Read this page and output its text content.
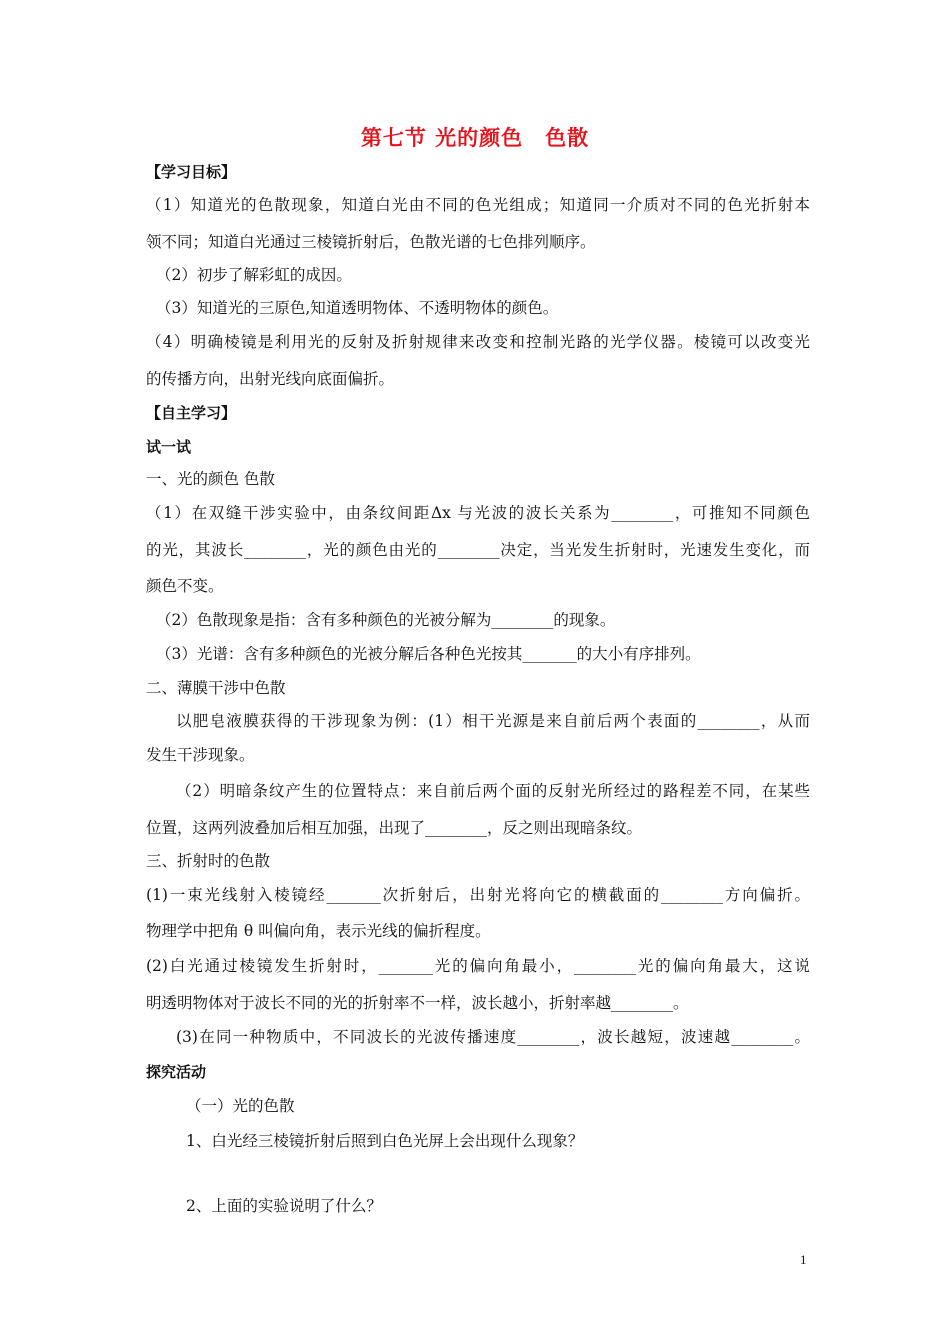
第七节 光的颜色　色散
【学习目标】
（1）知道光的色散现象，知道白光由不同的色光组成；知道同一介质对不同的色光折射本
领不同；知道白光通过三棱镜折射后，色散光谱的七色排列顺序。
（2）初步了解彩虹的成因。
（3）知道光的三原色,知道透明物体、不透明物体的颜色。
（4）明确棱镜是利用光的反射及折射规律来改变和控制光路的光学仪器。棱镜可以改变光
的传播方向，出射光线向底面偏折。
【自主学习】
试一试
一、光的颜色 色散
（1）在双缝干涉实验中，由条纹间距Δx 与光波的波长关系为________，可推知不同颜色
的光，其波长________，光的颜色由光的________决定，当光发生折射时，光速发生变化，而
颜色不变。
（2）色散现象是指：含有多种颜色的光被分解为________的现象。
（3）光谱：含有多种颜色的光被分解后各种色光按其_______的大小有序排列。
二、薄膜干涉中色散
以肥皂液膜获得的干涉现象为例：(1）相干光源是来自前后两个表面的________，从而
发生干涉现象。
（2）明暗条纹产生的位置特点：来自前后两个面的反射光所经过的路程差不同，在某些
位置，这两列波叠加后相互加强，出现了________，反之则出现暗条纹。
三、折射时的色散
(1)一束光线射入棱镜经_______次折射后，出射光将向它的横截面的________方向偏折。
物理学中把角 θ 叫偏向角，表示光线的偏折程度。
(2)白光通过棱镜发生折射时，_______光的偏向角最小，________光的偏向角最大，这说
明透明物体对于波长不同的光的折射率不一样，波长越小，折射率越________。
(3)在同一种物质中，不同波长的光波传播速度________，波长越短，波速越________。
探究活动
（一）光的色散
1、白光经三棱镜折射后照到白色光屏上会出现什么现象？
2、上面的实验说明了什么？
1
